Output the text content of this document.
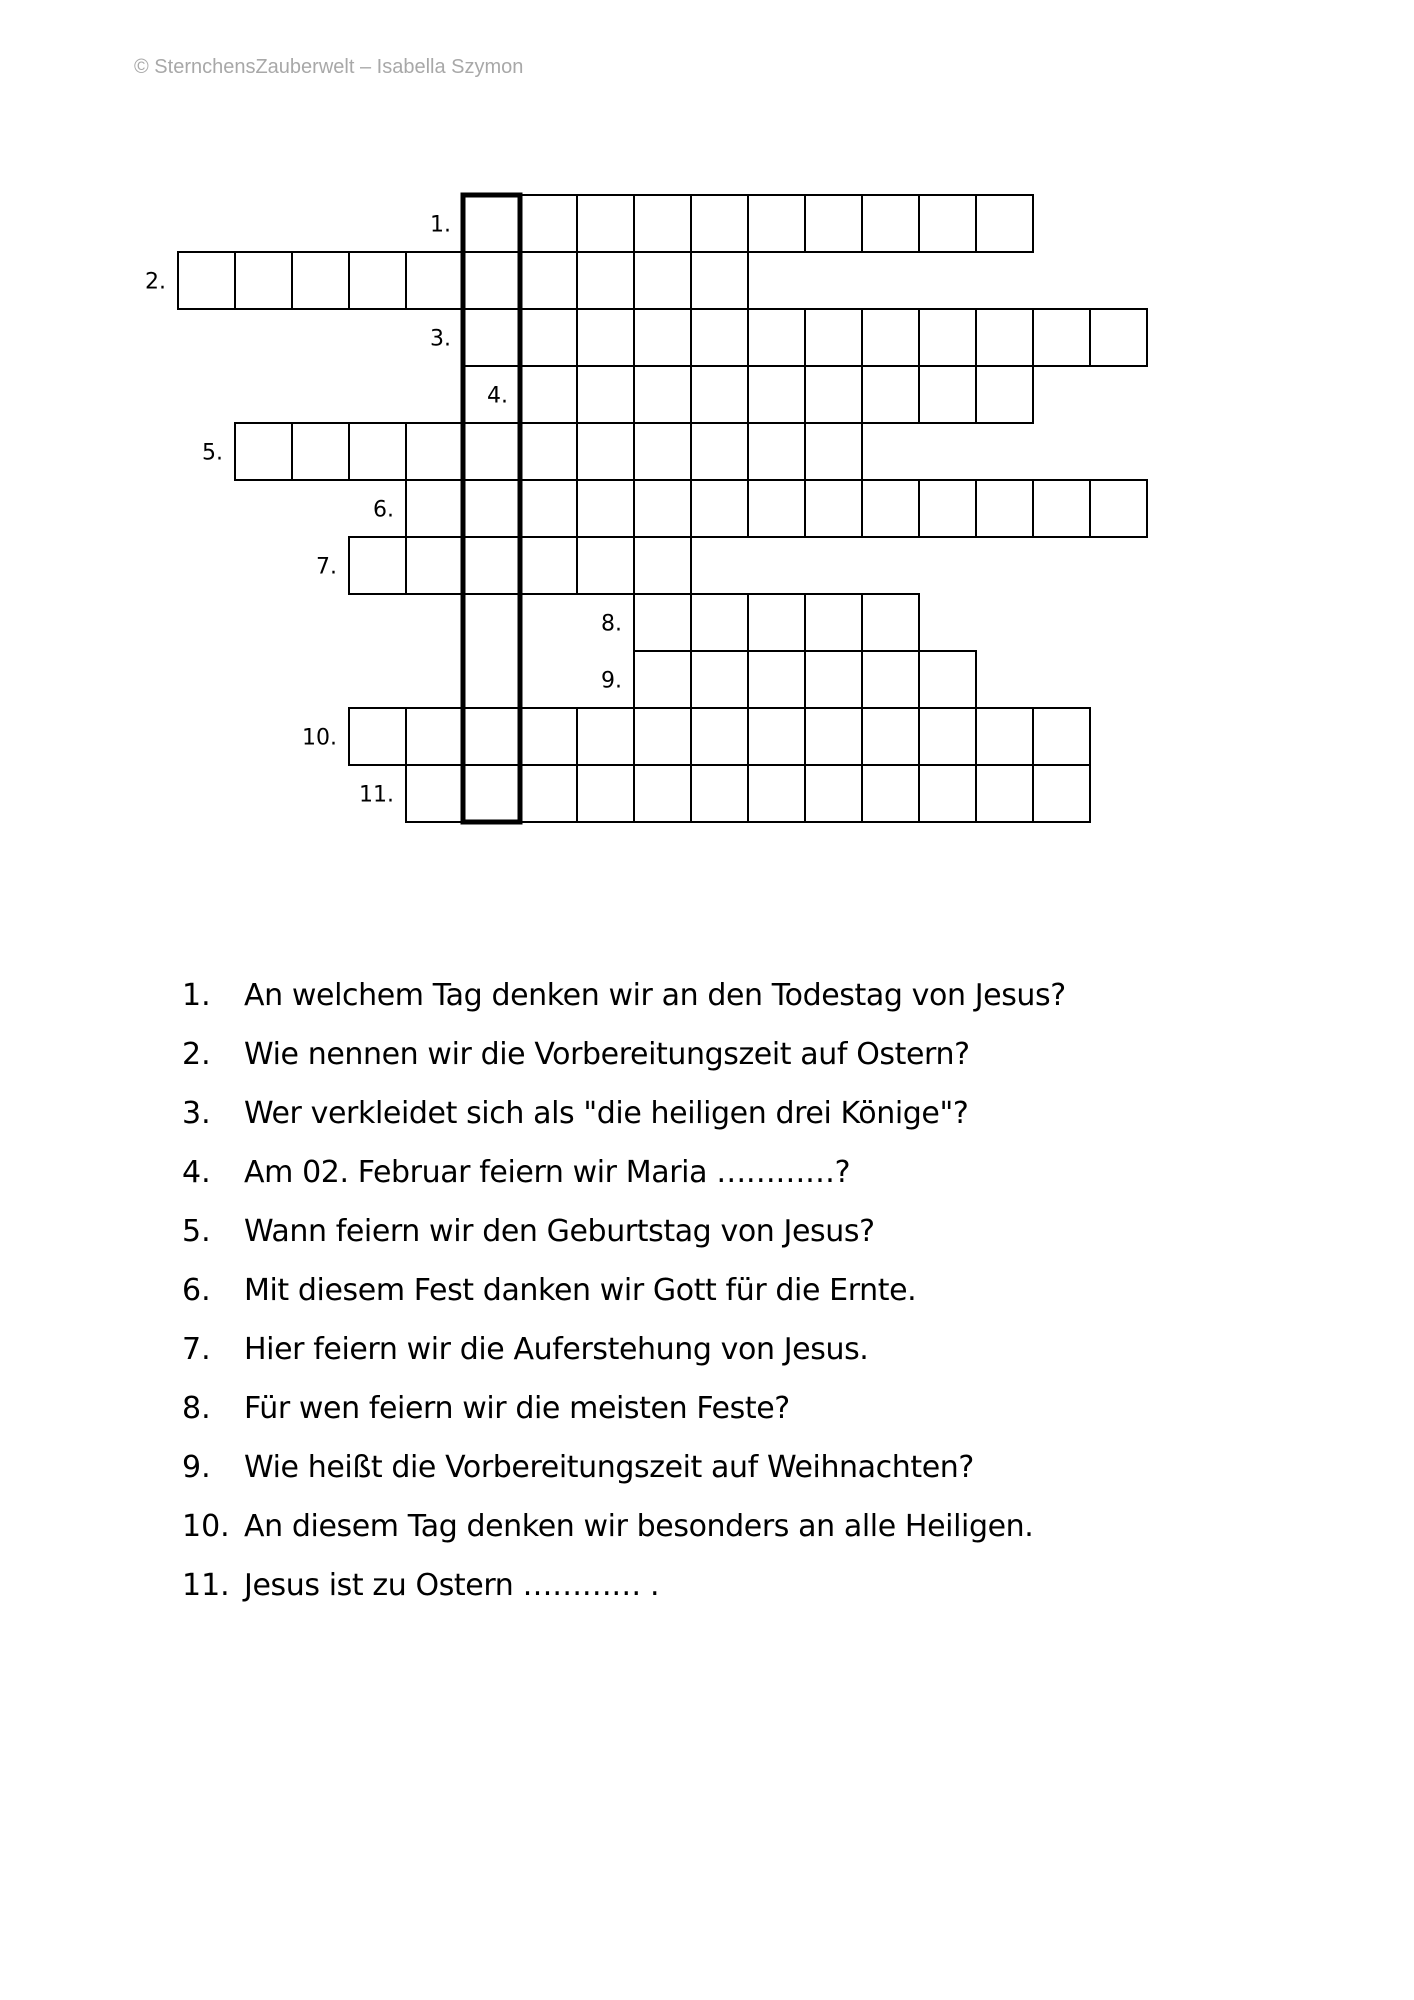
© SternchensZauberwelt – Isabella Szymon
1.
2.
3.
4.
5.
6.
7.
8.
9.
10.
11.
1. An welchem Tag denken wir an den Todestag von Jesus?
2. Wie nennen wir die Vorbereitungszeit auf Ostern?
3. Wer verkleidet sich als "die heiligen drei Könige"?
4. Am 02. Februar feiern wir Maria …………?
5. Wann feiern wir den Geburtstag von Jesus?
6. Mit diesem Fest danken wir Gott für die Ernte.
7. Hier feiern wir die Auferstehung von Jesus.
8. Für wen feiern wir die meisten Feste?
9. Wie heißt die Vorbereitungszeit auf Weihnachten?
10. An diesem Tag denken wir besonders an alle Heiligen.
11. Jesus ist zu Ostern ………… .
